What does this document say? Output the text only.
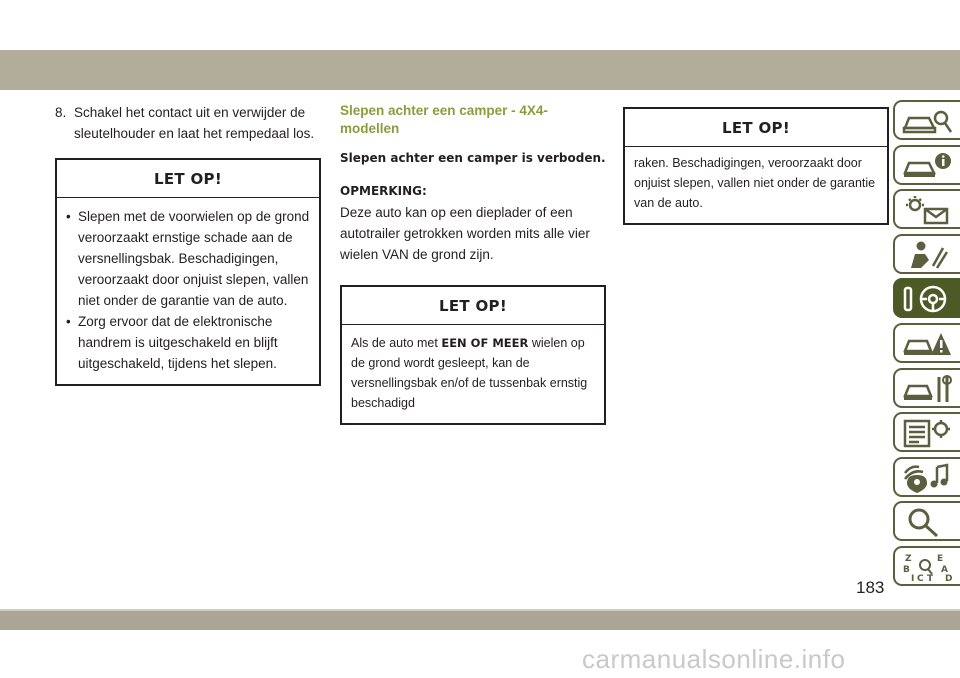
8. Schakel het contact uit en verwijder de sleutelhouder en laat het rempedaal los.

LET OP!
• Slepen met de voorwielen op de grond veroorzaakt ernstige schade aan de versnellingsbak. Beschadigingen, veroorzaakt door onjuist slepen, vallen niet onder de garantie van de auto.
• Zorg ervoor dat de elektronische handrem is uitgeschakeld en blijft uitgeschakeld, tijdens het slepen.
Slepen achter een camper - 4X4-modellen

Slepen achter een camper is verboden.

OPMERKING:

Deze auto kan op een dieplader of een autotrailer getrokken worden mits alle vier wielen VAN de grond zijn.

LET OP!
Als de auto met EEN OF MEER wielen op de grond wordt gesleept, kan de versnellingsbak en/of de tussenbak ernstig beschadigd
LET OP!
raken. Beschadigingen, veroorzaakt door onjuist slepen, vallen niet onder de garantie van de auto.
Z	E
B	A
I C T D
183
carmanualsonline.info
